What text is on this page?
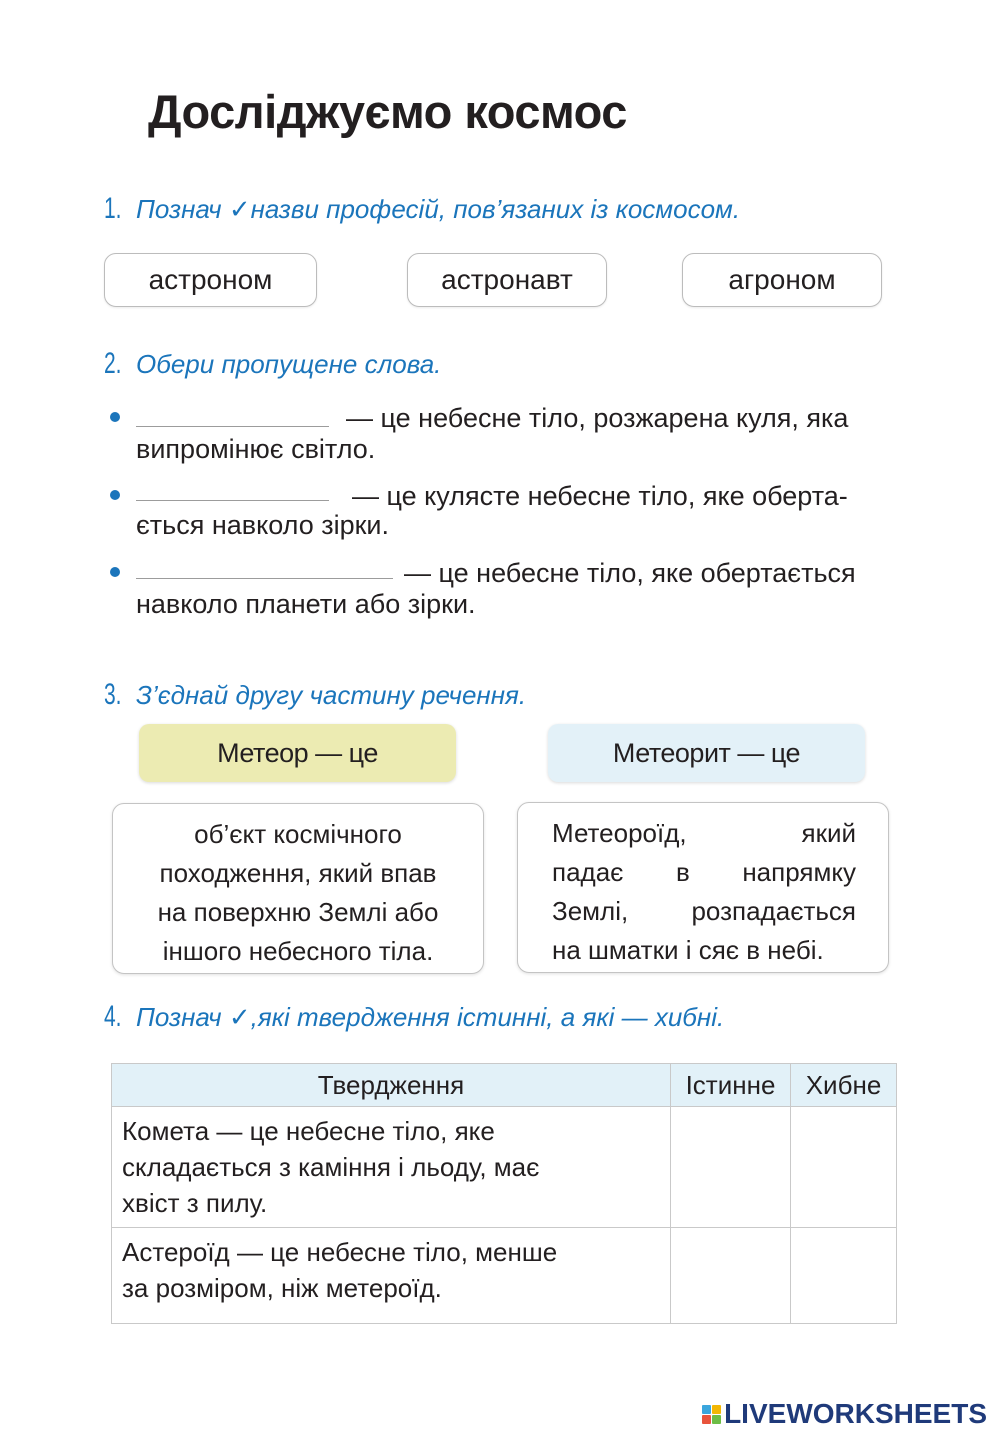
Досліджуємо космос
1. Познач ✓назви професій, пов’язаних із космосом.
астроном	астронавт	агроном
2. Обери пропущене слова.
— це небесне тіло, розжарена куля, яка
випромінює світло.
— це кулясте небесне тіло, яке оберта-
ється навколо зірки.
— це небесне тіло, яке обертається
навколо планети або зірки.
3. З’єднай другу частину речення.
Метеор — це	Метеорит — це
об’єкт космічного
походження, який впав
на поверхню Землі або
іншого небесного тіла.
Метеороїд,	який
падає в напрямку
Землі, розпадається
на шматки і сяє в небі.
4. Познач ✓,які твердження істинні, а які — хибні.
Твердження	Істинне	Хибне

Комета — це небесне тіло, яке
складається з каміння і льоду, має
хвіст з пилу.		

Астероїд — це небесне тіло, менше
за розміром, ніж метероїд.		

LIVEWORKSHEETS
